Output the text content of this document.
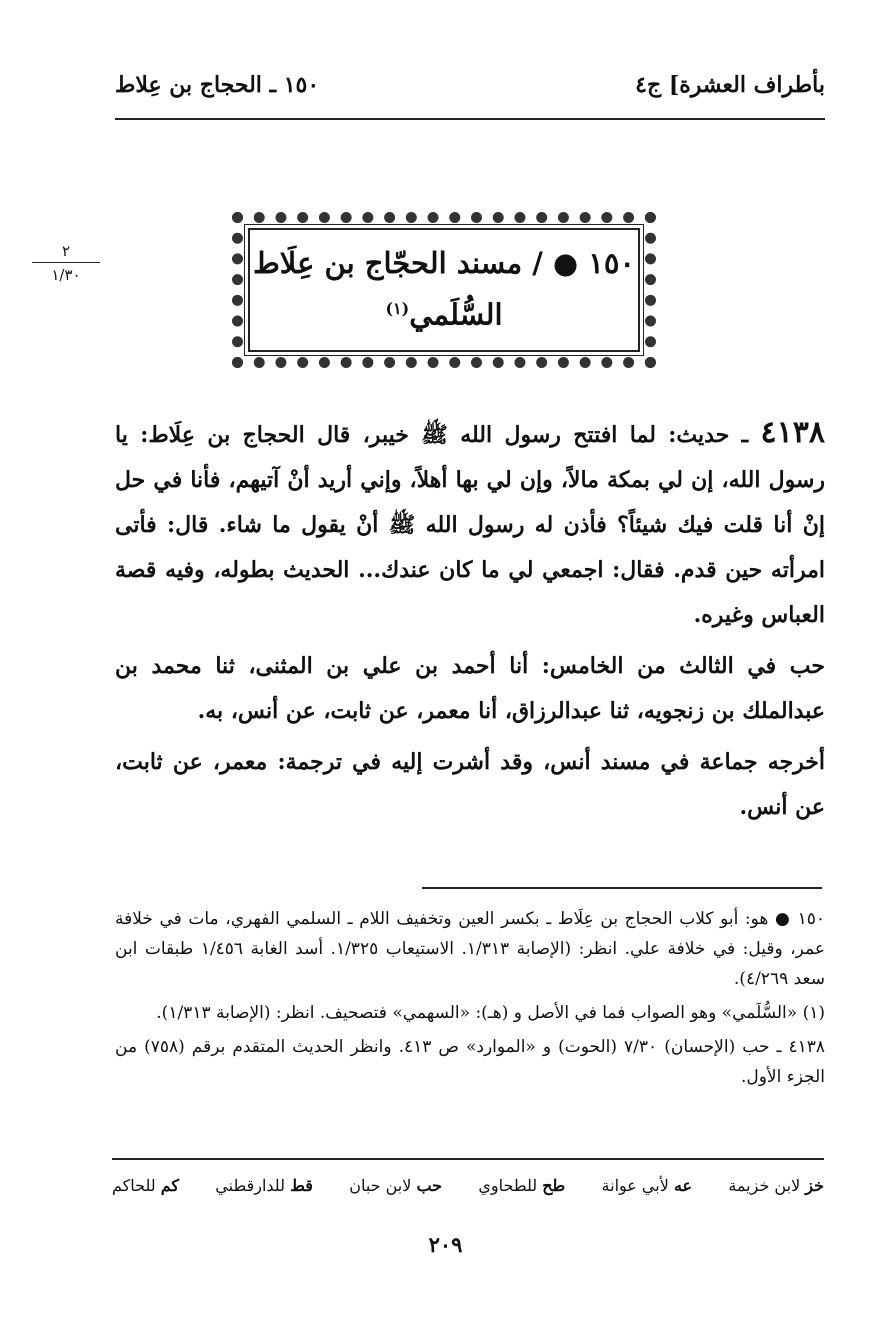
بأطراف العشرة] ج٤
١٥٠ ـ الحجاج بن عِلاط
٢
١/٣٠	١٥٠ ● / مسند الحجّاج بن عِلَاط
السُّلَمي$^{(١)}$

٤١٣٨ ـ حديث: لما افتتح رسول الله ﷺ خيبر، قال الحجاج بن عِلَاط: يا رسول الله، إن لي بمكة مالاً، وإن لي بها أهلاً، وإني أريد أنْ آتيهم، فأنا في حل إنْ أنا قلت فيك شيئاً؟ فأذن له رسول الله ﷺ أنْ يقول ما شاء. قال: فأتى امرأته حين قدم. فقال: اجمعي لي ما كان عندك... الحديث بطوله، وفيه قصة العباس وغيره.

حب في الثالث من الخامس: أنا أحمد بن علي بن المثنى، ثنا محمد بن عبدالملك بن زنجويه، ثنا عبدالرزاق، أنا معمر، عن ثابت، عن أنس، به.

أخرجه جماعة في مسند أنس، وقد أشرت إليه في ترجمة: معمر، عن ثابت، عن أنس.

١٥٠ ● هو: أبو كلاب الحجاج بن عِلَاط ـ بكسر العين وتخفيف اللام ـ السلمي الفهري، مات في خلافة عمر، وقيل: في خلافة علي. انظر: (الإصابة ١/٣١٣. الاستيعاب ١/٣٢٥. أسد الغابة ١/٤٥٦ طبقات ابن سعد ٤/٢٦٩).

(١) «السُّلَمي» وهو الصواب فما في الأصل و (هـ): «السهمي» فتصحيف. انظر: (الإصابة ١/٣١٣).

٤١٣٨ ـ حب (الإحسان) ٧/٣٠ (الحوت) و «الموارد» ص ٤١٣. وانظر الحديث المتقدم برقم (٧٥٨) من الجزء الأول.

خز لابن خزيمة
عه لأبي عوانة
طح للطحاوي
حب لابن حبان
قط للدارقطني
كم للحاكم
٢٠٩
